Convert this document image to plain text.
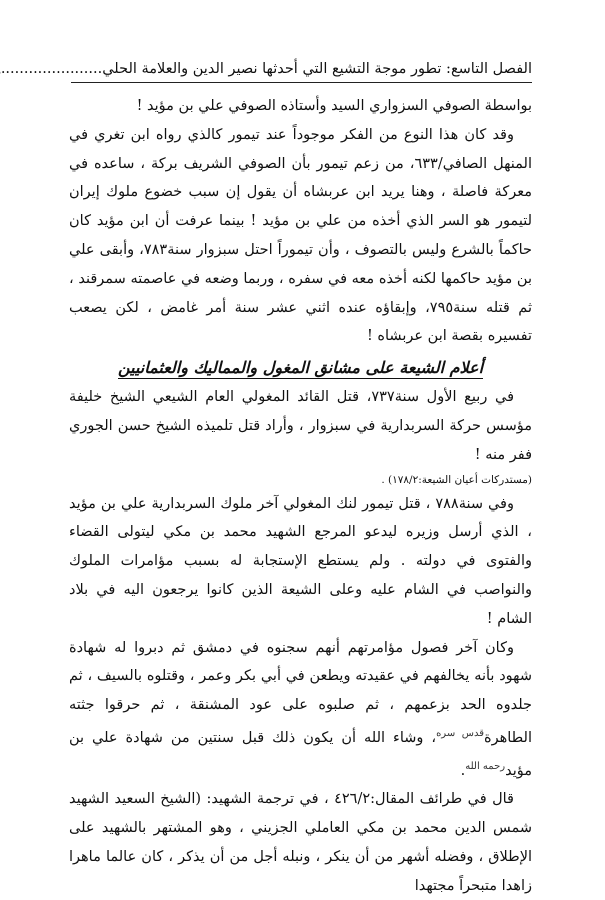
الفصل التاسع: تطور موجة التشيع التي أحدثها نصير الدين والعلامة الحلي......................

بواسطة الصوفي السزواري السيد وأستاذه الصوفي علي بن مؤيد !

وقد كان هذا النوع من الفكر موجوداً عند تيمور كالذي رواه ابن تغري في المنهل الصافي/٦٣٣، من زعم تيمور بأن الصوفي الشريف بركة ، ساعده في معركة فاصلة ، وهنا يريد ابن عربشاه أن يقول إن سبب خضوع ملوك إيران لتيمور هو السر الذي أخذه من علي بن مؤيد ! بينما عرفت أن ابن مؤيد كان حاكماً بالشرع وليس بالتصوف ، وأن تيموراً احتل سبزوار سنة٧٨٣، وأبقى علي بن مؤيد حاكمها لكنه أخذه معه في سفره ، وربما وضعه في عاصمته سمرقند ، ثم قتله سنة٧٩٥، وإبقاؤه عنده اثني عشر سنة أمر غامض ، لكن يصعب تفسيره بقصة ابن عربشاه !

أعلام الشيعة على مشانق المغول والمماليك والعثمانيين

في ربيع الأول سنة٧٣٧، قتل القائد المغولي العام الشيعي الشيخ خليفة مؤسس حركة السربدارية في سبزوار ، وأراد قتل تلميذه الشيخ حسن الجوري ففر منه !

(مستدركات أعيان الشيعة:١٧٨/٢) .

وفي سنة٧٨٨ ، قتل تيمور لنك المغولي آخر ملوك السربدارية علي بن مؤيد ، الذي أرسل وزيره ليدعو المرجع الشهيد محمد بن مكي ليتولى القضاء والفتوى في دولته . ولم يستطع الإستجابة له بسبب مؤامرات الملوك والنواصب في الشام عليه وعلى الشيعة الذين كانوا يرجعون اليه في بلاد الشام !

وكان آخر فصول مؤامرتهم أنهم سجنوه في دمشق ثم دبروا له شهادة شهود بأنه يخالفهم في عقيدته ويطعن في أبي بكر وعمر ، وقتلوه بالسيف ، ثم جلدوه الحد بزعمهم ، ثم صلبوه على عود المشنقة ، ثم حرقوا جثته الطاهرة$^{قدس سره}$، وشاء الله أن يكون ذلك قبل سنتين من شهادة علي بن مؤيد$^{رحمه الله}$.

قال في طرائف المقال:٤٢٦/٢ ، في ترجمة الشهيد: (الشيخ السعيد الشهيد شمس الدين محمد بن مكي العاملي الجزيني ، وهو المشتهر بالشهيد على الإطلاق ، وفضله أشهر من أن ينكر ، ونبله أجل من أن يذكر ، كان عالما ماهرا زاهدا متبحراً مجتهدا
